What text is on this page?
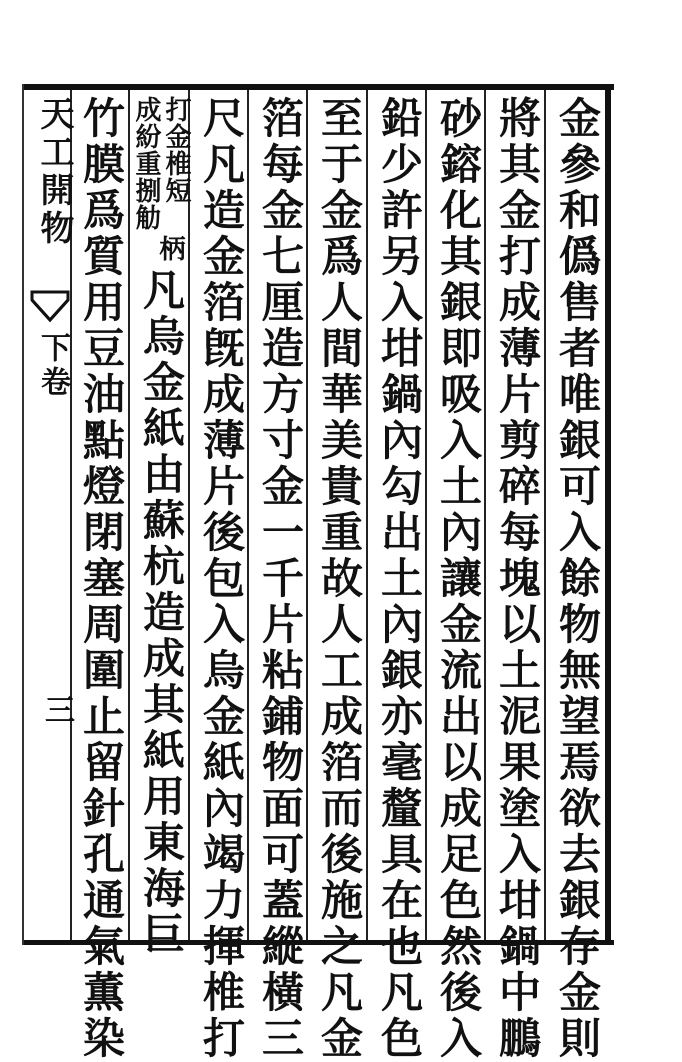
天工開物
下卷
三	金參和僞售者唯銀可入餘物無望焉欲去銀存金則
將其金打成薄片剪碎每塊以土泥果塗入坩鍋中鵬
砂鎔化其銀即吸入土內讓金流出以成足色然後入
鉛少許另入坩鍋內勾出土內銀亦毫釐具在也凡色
至于金爲人間華美貴重故人工成箔而後施之凡金
箔每金七厘造方寸金一千片粘鋪物面可蓋縱橫三
尺凡造金箔旣成薄片後包入烏金紙內竭力揮椎打
打金椎短
成紛重捌觔
柄
凡烏金紙由蘇杭造成其紙用東海巨
竹膜爲質用豆油點燈閉塞周圍止留針孔通氣薫染
